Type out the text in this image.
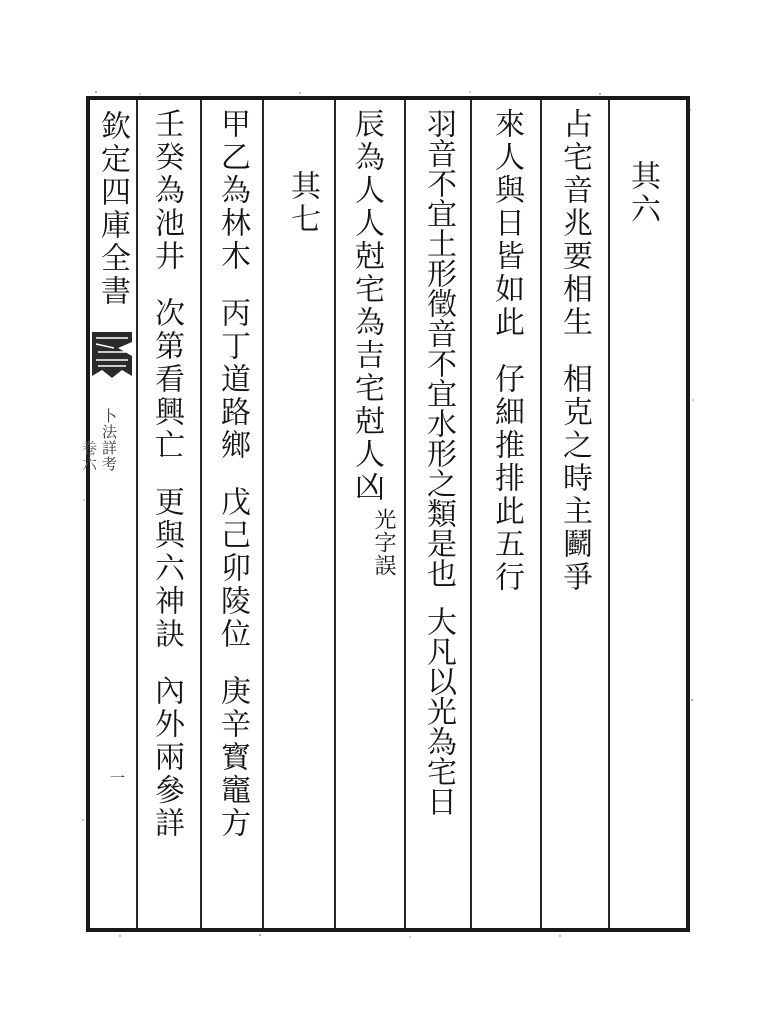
欽定四庫全書
卜法詳考
卷六
一
其六
占宅音兆要相生相克之時主鬬爭
來人與日皆如此仔細推排此五行
羽音不宜土形徵音不宜水形之類是也大凡以光為宅日
辰為人人尅宅為吉宅尅人凶
光字誤
其七
甲乙為林木丙丁道路鄉戊己卯陵位庚辛寳竈方
壬癸為池井次第看興亡更與六神訣內外兩參詳
